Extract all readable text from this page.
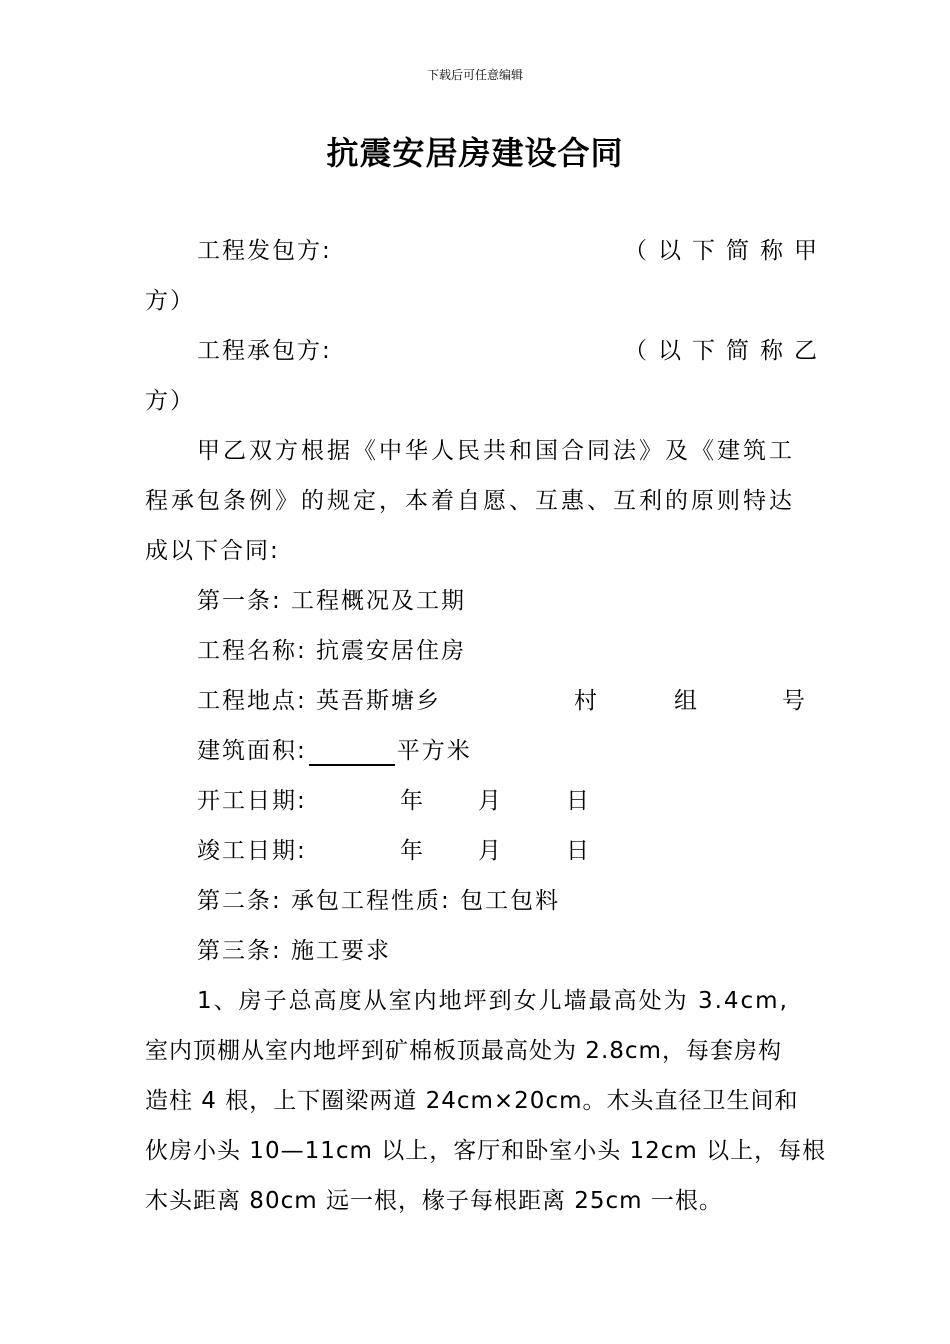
下载后可任意编辑
抗震安居房建设合同
工程发包方:	（以下简称甲
方）
工程承包方:	（以下简称乙
方）
甲乙双方根据《中华人民共和国合同法》及《建筑工
程承包条例》的规定，本着自愿、互惠、互利的原则特达
成以下合同:
第一条: 工程概况及工期
工程名称: 抗震安居住房
工程地点: 英吾斯塘乡	村	组	号
建筑面积:	平方米
开工日期:	年 月	日
竣工日期:	年 月	日
第二条: 承包工程性质: 包工包料
第三条: 施工要求
1、房子总高度从室内地坪到女儿墙最高处为 3.4cm,
室内顶棚从室内地坪到矿棉板顶最高处为 2.8cm，每套房构
造柱 4 根，上下圈梁两道 24cm×20cm。木头直径卫生间和
伙房小头 10—11cm 以上，客厅和卧室小头 12cm 以上，每根
木头距离 80cm 远一根，椽子每根距离 25cm 一根。
